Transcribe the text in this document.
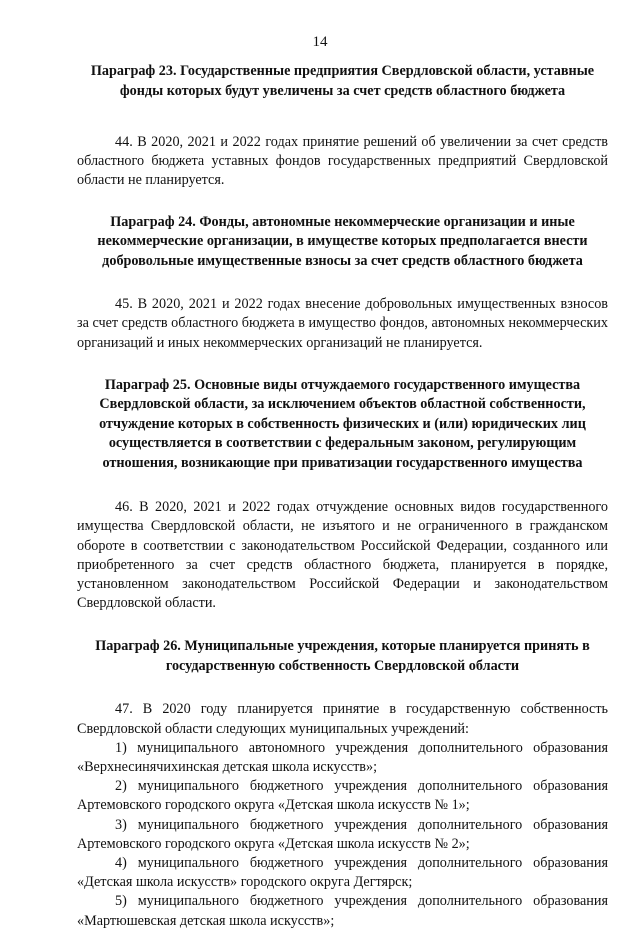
14
Параграф 23. Государственные предприятия Свердловской области, уставные фонды которых будут увеличены за счет средств областного бюджета

44. В 2020, 2021 и 2022 годах принятие решений об увеличении за счет средств областного бюджета уставных фондов государственных предприятий Свердловской области не планируется.

Параграф 24. Фонды, автономные некоммерческие организации и иные некоммерческие организации, в имуществе которых предполагается внести добровольные имущественные взносы за счет средств областного бюджета

45. В 2020, 2021 и 2022 годах внесение добровольных имущественных взносов за счет средств областного бюджета в имущество фондов, автономных некоммерческих организаций и иных некоммерческих организаций не планируется.

Параграф 25. Основные виды отчуждаемого государственного имущества Свердловской области, за исключением объектов областной собственности, отчуждение которых в собственность физических и (или) юридических лиц осуществляется в соответствии с федеральным законом, регулирующим отношения, возникающие при приватизации государственного имущества

46. В 2020, 2021 и 2022 годах отчуждение основных видов государственного имущества Свердловской области, не изъятого и не ограниченного в гражданском обороте в соответствии с законодательством Российской Федерации, созданного или приобретенного за счет средств областного бюджета, планируется в порядке, установленном законодательством Российской Федерации и законодательством Свердловской области.

Параграф 26. Муниципальные учреждения, которые планируется принять в государственную собственность Свердловской области

47. В 2020 году планируется принятие в государственную собственность Свердловской области следующих муниципальных учреждений:

1) муниципального автономного учреждения дополнительного образования «Верхнесинячихинская детская школа искусств»;

2) муниципального бюджетного учреждения дополнительного образования Артемовского городского округа «Детская школа искусств № 1»;

3) муниципального бюджетного учреждения дополнительного образования Артемовского городского округа «Детская школа искусств № 2»;

4) муниципального бюджетного учреждения дополнительного образования «Детская школа искусств» городского округа Дегтярск;

5) муниципального бюджетного учреждения дополнительного образования «Мартюшевская детская школа искусств»;
